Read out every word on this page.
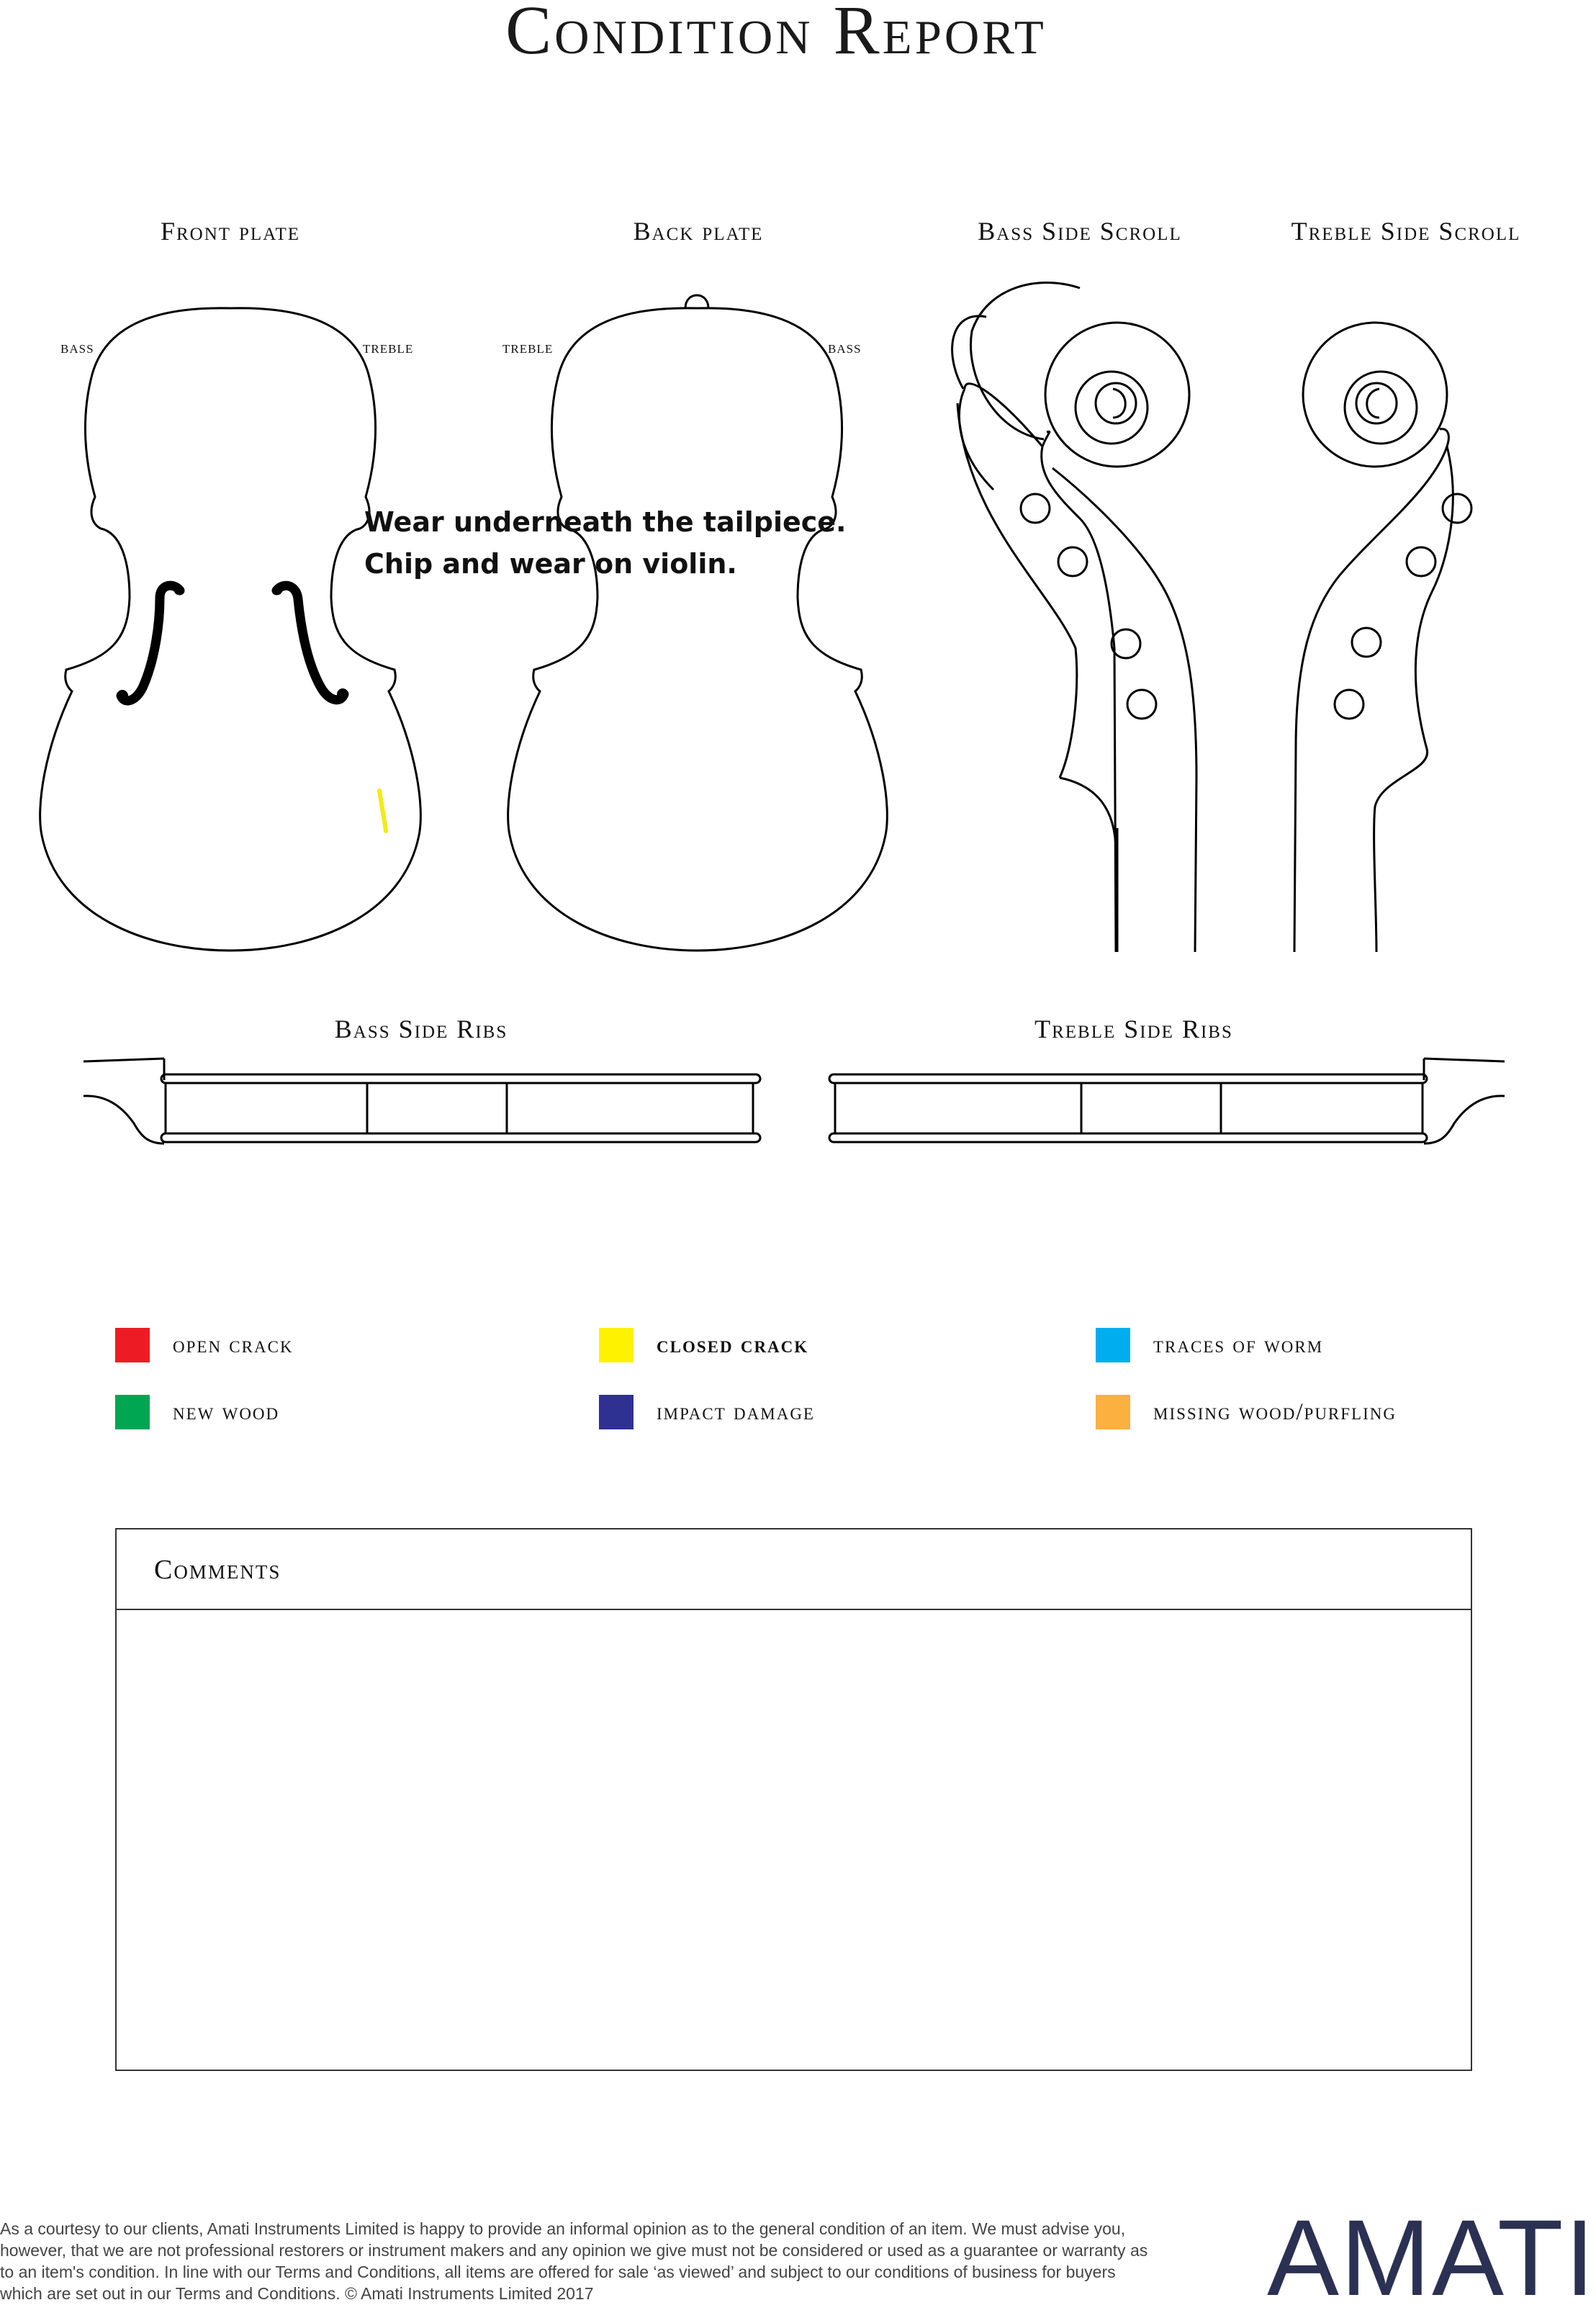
Condition Report
Front plate	Back plate	Bass Side Scroll	Treble Side Scroll
Bass Side Ribs	Treble Side Ribs
bass	treble	treble	bass
Wear underneath the tailpiece.
Chip and wear on violin.
open crack	closed crack	traces of worm
new wood	impact damage	missing wood/purfling
Comments
As a courtesy to our clients, Amati Instruments Limited is happy to provide an informal opinion as to the general condition of an item. We must advise you, however, that we are not professional restorers or instrument makers and any opinion we give must not be considered or used as a guarantee or warranty as to an item's condition. In line with our Terms and Conditions, all items are offered for sale ‘as viewed’ and subject to our conditions of business for buyers which are set out in our Terms and Conditions. © Amati Instruments Limited 2017	AMATI
